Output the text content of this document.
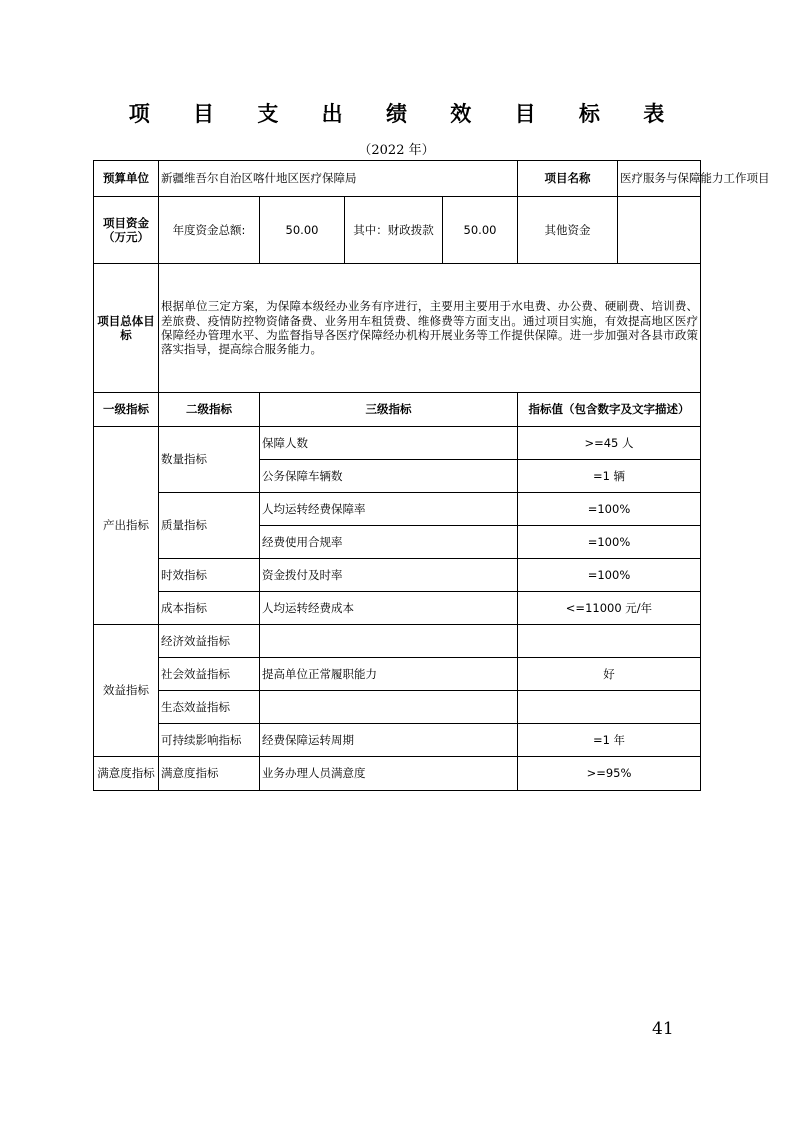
项 目 支 出 绩 效 目 标 表
（2022 年）
预算单位	新疆维吾尔自治区喀什地区医疗保障局				项目名称	医疗服务与保障能力工作项目
项目资金（万元）	年度资金总额:	50.00	其中：财政拨款	50.00	其他资金	
项目总体目标	根据单位三定方案，为保障本级经办业务有序进行，主要用主要用于水电费、办公费、硬刷费、培训费、差旅费、疫情防控物资储备费、业务用车租赁费、维修费等方面支出。通过项目实施，有效提高地区医疗保障经办管理水平、为监督指导各医疗保障经办机构开展业务等工作提供保障。进一步加强对各县市政策落实指导，提高综合服务能力。					
一级指标	二级指标	三级指标			指标值（包含数字及文字描述）	
产出指标	数量指标	保障人数			>=45 人	
		公务保障车辆数			=1 辆	
	质量指标	人均运转经费保障率			=100%	
		经费使用合规率			=100%	
	时效指标	资金拨付及时率			=100%	
	成本指标	人均运转经费成本			<=11000 元/年	
效益指标	经济效益指标					
	社会效益指标	提高单位正常履职能力			好	
	生态效益指标					
	可持续影响指标	经费保障运转周期			=1 年	
满意度指标	满意度指标	业务办理人员满意度			>=95%	
41
